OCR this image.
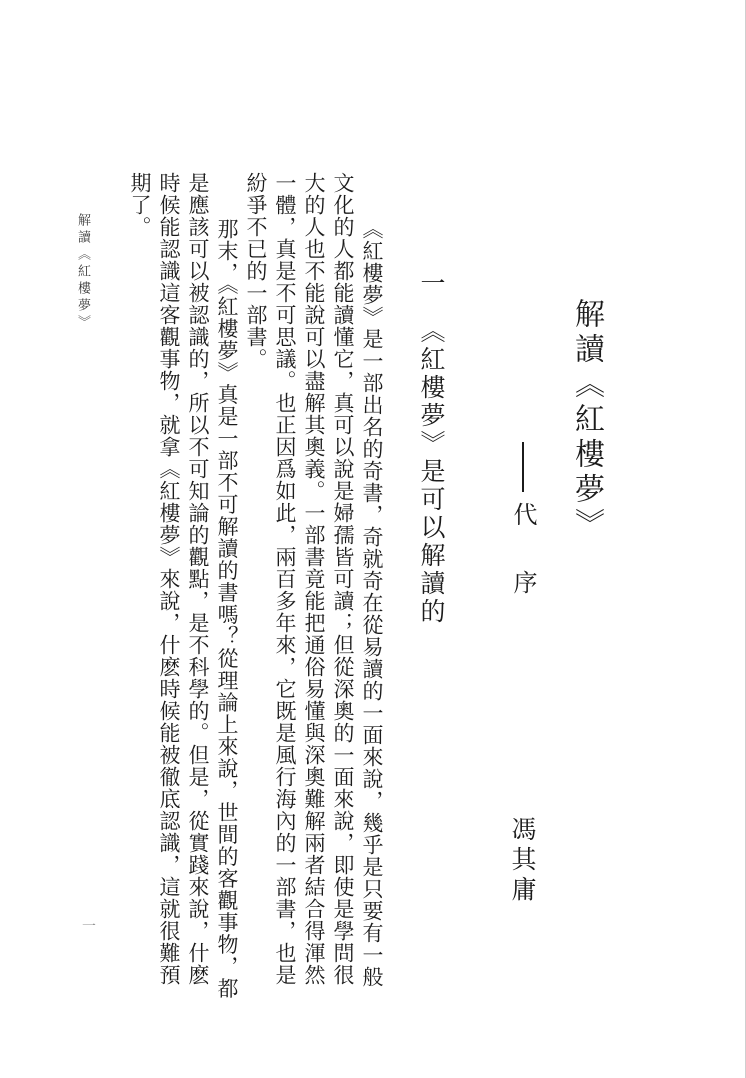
解讀《紅樓夢》
代　序
馮其庸
一《紅樓夢》是可以解讀的

《紅樓夢》是一部出名的奇書，奇就奇在從易讀的一面來說，幾乎是只要有一般文化的人都能讀懂它，真可以說是婦孺皆可讀；但從深奧的一面來說，即使是學問很大的人也不能說可以盡解其奧義。一部書竟能把通俗易懂與深奧難解兩者結合得渾然一體，真是不可思議。也正因爲如此，兩百多年來，它既是風行海內的一部書，也是紛爭不已的一部書。

那末，《紅樓夢》真是一部不可解讀的書嗎？從理論上來說，世間的客觀事物，都是應該可以被認識的，所以不可知論的觀點，是不科學的。但是，從實踐來說，什麽時候能認識這客觀事物，就拿《紅樓夢》來說，什麽時候能被徹底認識，這就很難預期了。

解讀《紅樓夢》
一
